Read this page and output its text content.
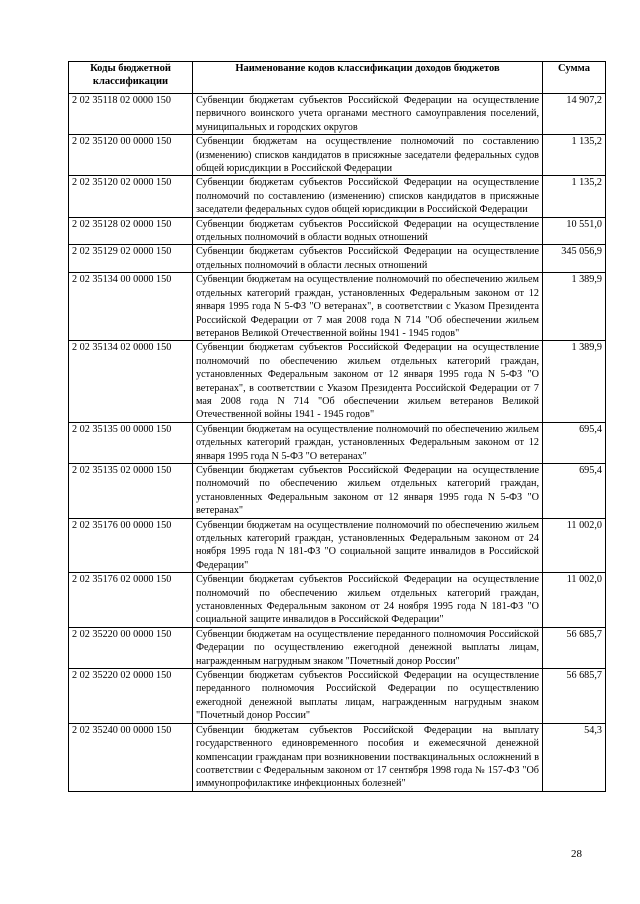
Коды бюджетной классификации	Наименование кодов классификации доходов бюджетов	Сумма
2 02 35118 02 0000 150	Субвенции бюджетам субъектов Российской Федерации на осуществление первичного воинского учета органами местного самоуправления поселений, муниципальных и городских округов	14 907,2
2 02 35120 00 0000 150	Субвенции бюджетам на осуществление полномочий по составлению (изменению) списков кандидатов в присяжные заседатели федеральных судов общей юрисдикции в Российской Федерации	1 135,2
2 02 35120 02 0000 150	Субвенции бюджетам субъектов Российской Федерации на осуществление полномочий по составлению (изменению) списков кандидатов в присяжные заседатели федеральных судов общей юрисдикции в Российской Федерации	1 135,2
2 02 35128 02 0000 150	Субвенции бюджетам субъектов Российской Федерации на осуществление отдельных полномочий в области водных отношений	10 551,0
2 02 35129 02 0000 150	Субвенции бюджетам субъектов Российской Федерации на осуществление отдельных полномочий в области лесных отношений	345 056,9
2 02 35134 00 0000 150	Субвенции бюджетам на осуществление полномочий по обеспечению жильем отдельных категорий граждан, установленных Федеральным законом от 12 января 1995 года N 5-ФЗ "О ветеранах", в соответствии с Указом Президента Российской Федерации от 7 мая 2008 года N 714 "Об обеспечении жильем ветеранов Великой Отечественной войны 1941 - 1945 годов"	1 389,9
2 02 35134 02 0000 150	Субвенции бюджетам субъектов Российской Федерации на осуществление полномочий по обеспечению жильем отдельных категорий граждан, установленных Федеральным законом от 12 января 1995 года N 5-ФЗ "О ветеранах", в соответствии с Указом Президента Российской Федерации от 7 мая 2008 года N 714 "Об обеспечении жильем ветеранов Великой Отечественной войны 1941 - 1945 годов"	1 389,9
2 02 35135 00 0000 150	Субвенции бюджетам на осуществление полномочий по обеспечению жильем отдельных категорий граждан, установленных Федеральным законом от 12 января 1995 года N 5-ФЗ "О ветеранах"	695,4
2 02 35135 02 0000 150	Субвенции бюджетам субъектов Российской Федерации на осуществление полномочий по обеспечению жильем отдельных категорий граждан, установленных Федеральным законом от 12 января 1995 года N 5-ФЗ "О ветеранах"	695,4
2 02 35176 00 0000 150	Субвенции бюджетам на осуществление полномочий по обеспечению жильем отдельных категорий граждан, установленных Федеральным законом от 24 ноября 1995 года N 181-ФЗ "О социальной защите инвалидов в Российской Федерации"	11 002,0
2 02 35176 02 0000 150	Субвенции бюджетам субъектов Российской Федерации на осуществление полномочий по обеспечению жильем отдельных категорий граждан, установленных Федеральным законом от 24 ноября 1995 года N 181-ФЗ "О социальной защите инвалидов в Российской Федерации"	11 002,0
2 02 35220 00 0000 150	Субвенции бюджетам на осуществление переданного полномочия Российской Федерации по осуществлению ежегодной денежной выплаты лицам, награжденным нагрудным знаком "Почетный донор России"	56 685,7
2 02 35220 02 0000 150	Субвенции бюджетам субъектов Российской Федерации на осуществление переданного полномочия Российской Федерации по осуществлению ежегодной денежной выплаты лицам, награжденным нагрудным знаком "Почетный донор России"	56 685,7
2 02 35240 00 0000 150	Субвенции бюджетам субъектов Российской Федерации на выплату государственного единовременного пособия и ежемесячной денежной компенсации гражданам при возникновении поствакцинальных осложнений в соответствии с Федеральным законом от 17 сентября 1998 года № 157-ФЗ "Об иммунопрофилактике инфекционных болезней"	54,3
28
